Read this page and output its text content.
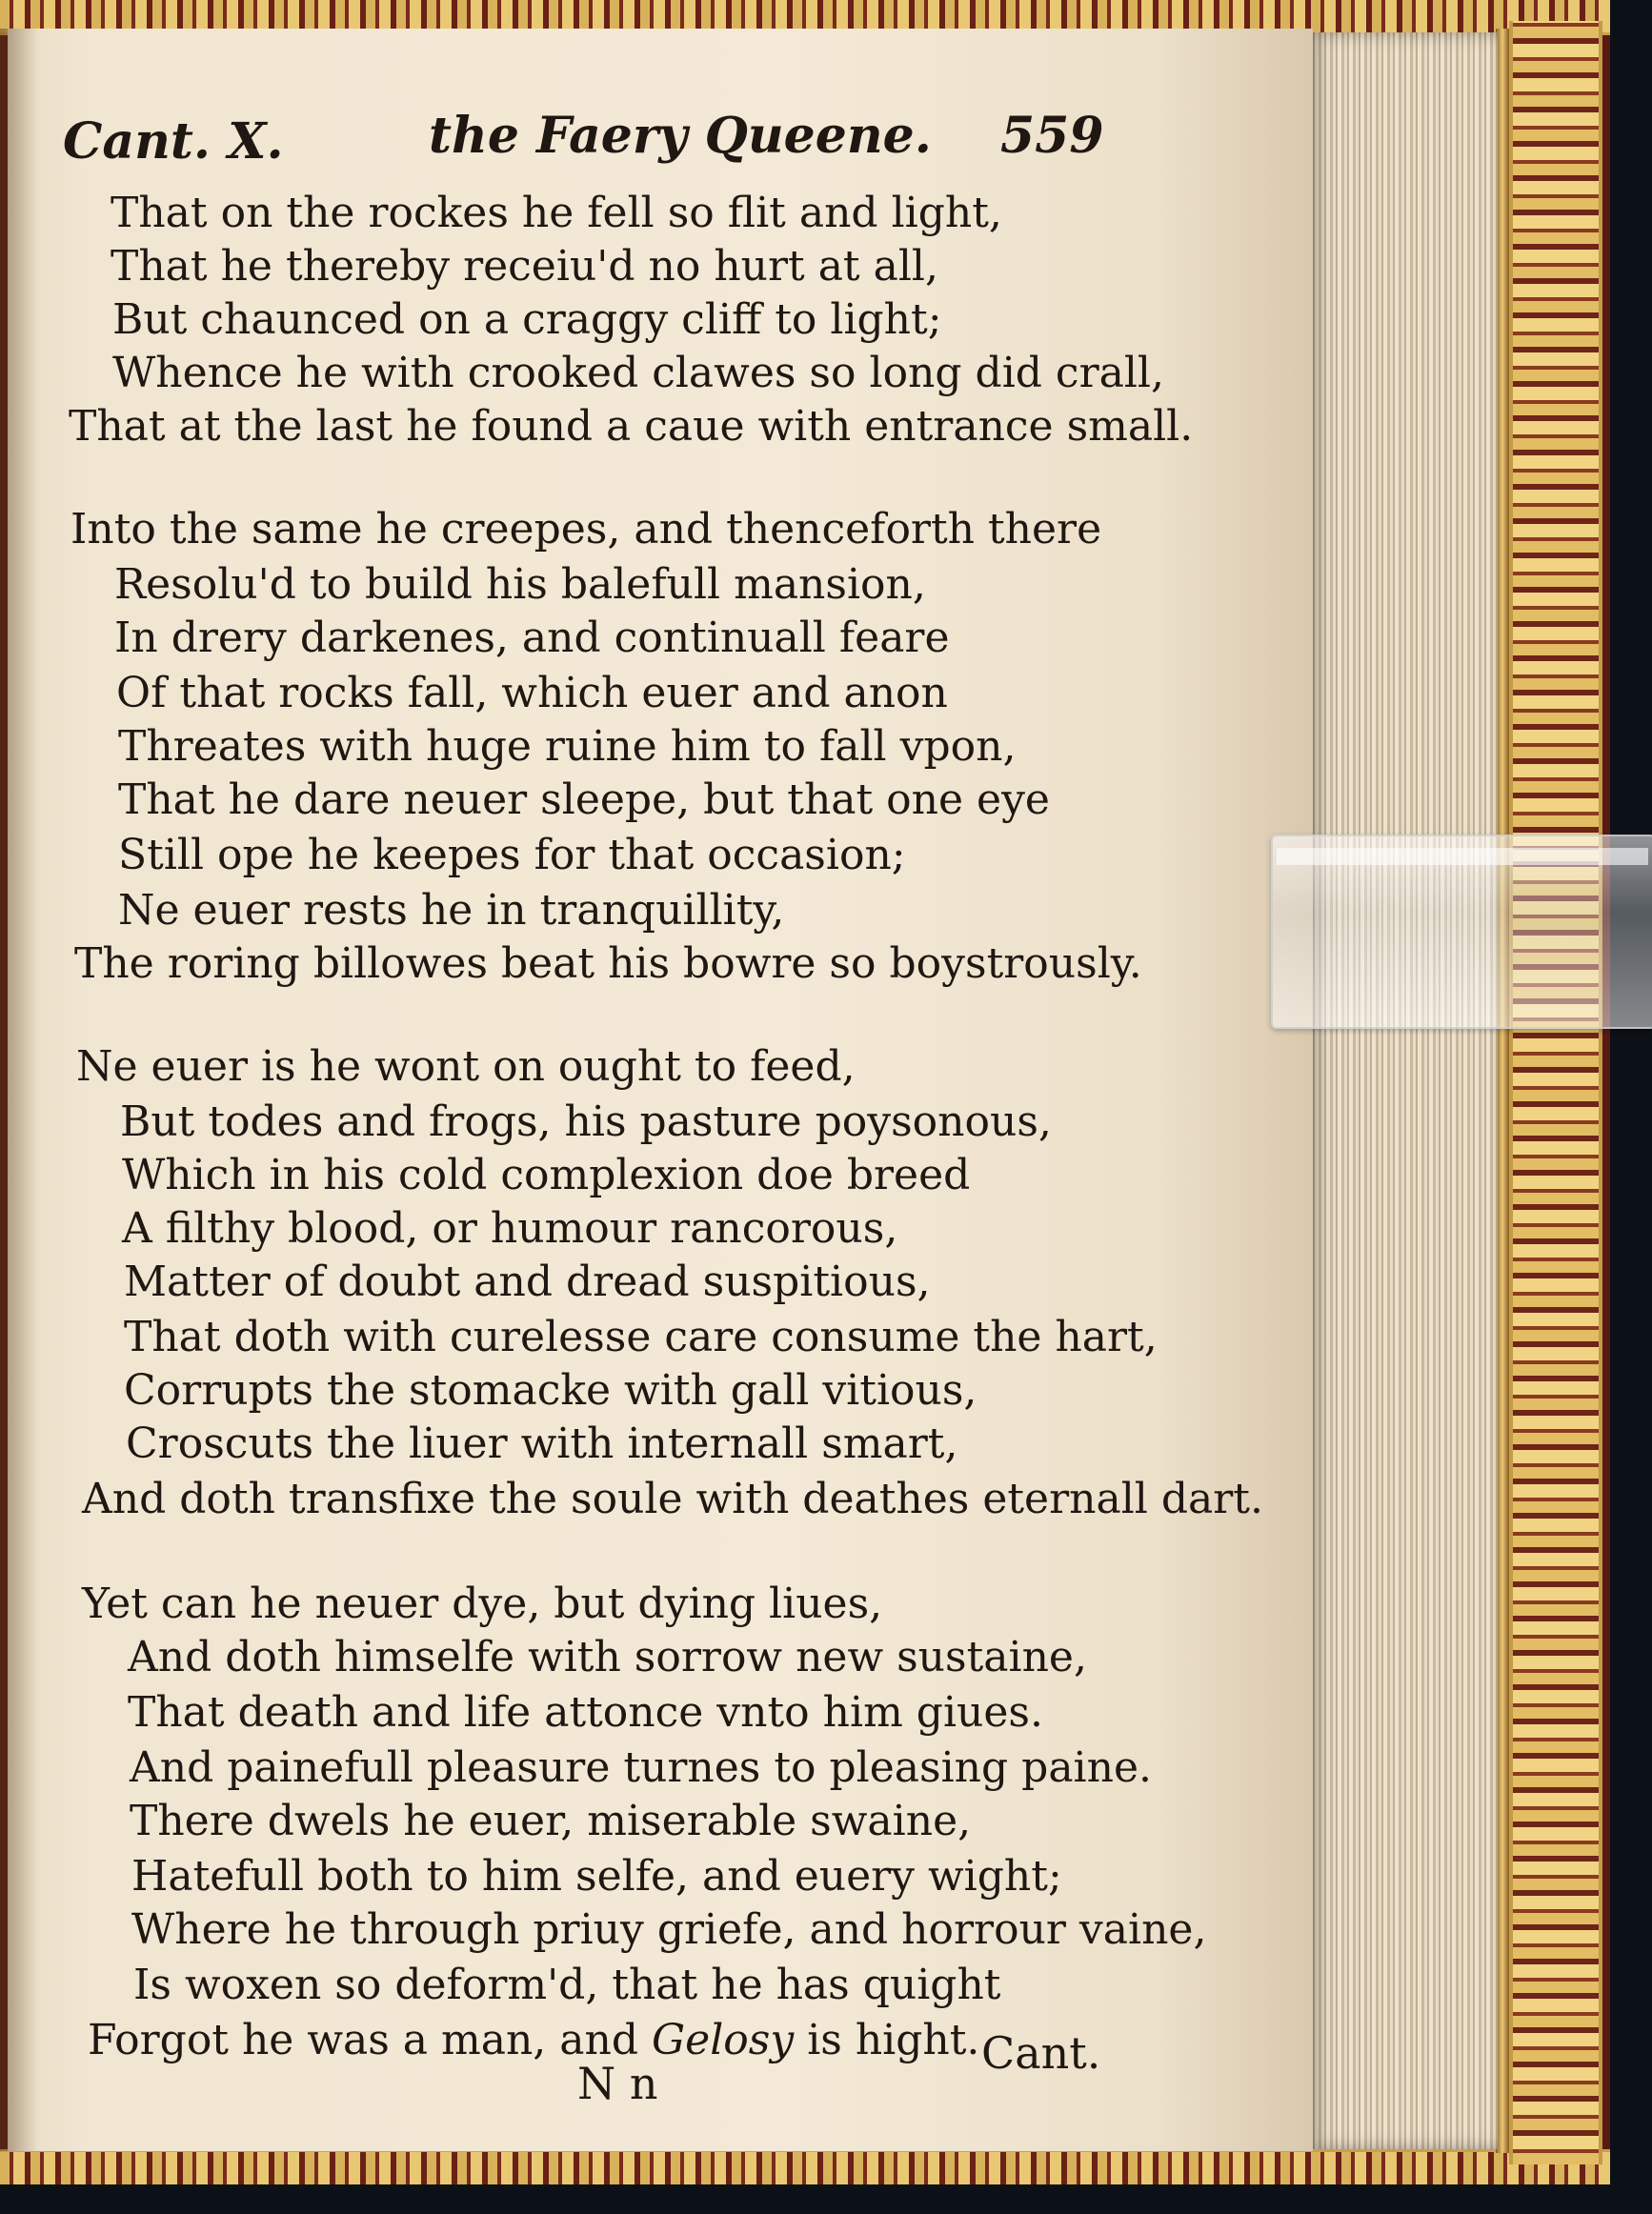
Cant. X.	the Faery Queene. 559
That on the rockes he fell so flit and light,
That he thereby receiu'd no hurt at all,
But chaunced on a craggy cliff to light;
Whence he with crooked clawes so long did crall,
That at the last he found a caue with entrance small.
Into the same he creepes, and thenceforth there
Resolu'd to build his balefull mansion,
In drery darkenes, and continuall feare
Of that rocks fall, which euer and anon
Threates with huge ruine him to fall vpon,
That he dare neuer sleepe, but that one eye
Still ope he keepes for that occasion;
Ne euer rests he in tranquillity,
The roring billowes beat his bowre so boystrously.
Ne euer is he wont on ought to feed,
But todes and frogs, his pasture poysonous,
Which in his cold complexion doe breed
A filthy blood, or humour rancorous,
Matter of doubt and dread suspitious,
That doth with curelesse care consume the hart,
Corrupts the stomacke with gall vitious,
Croscuts the liuer with internall smart,
And doth transfixe the soule with deathes eternall dart.
Yet can he neuer dye, but dying liues,
And doth himselfe with sorrow new sustaine,
That death and life attonce vnto him giues.
And painefull pleasure turnes to pleasing paine.
There dwels he euer, miserable swaine,
Hatefull both to him selfe, and euery wight;
Where he through priuy griefe, and horrour vaine,
Is woxen so deform'd, that he has quight
Forgot he was a man, and Gelosy is hight.
N n
Cant.
